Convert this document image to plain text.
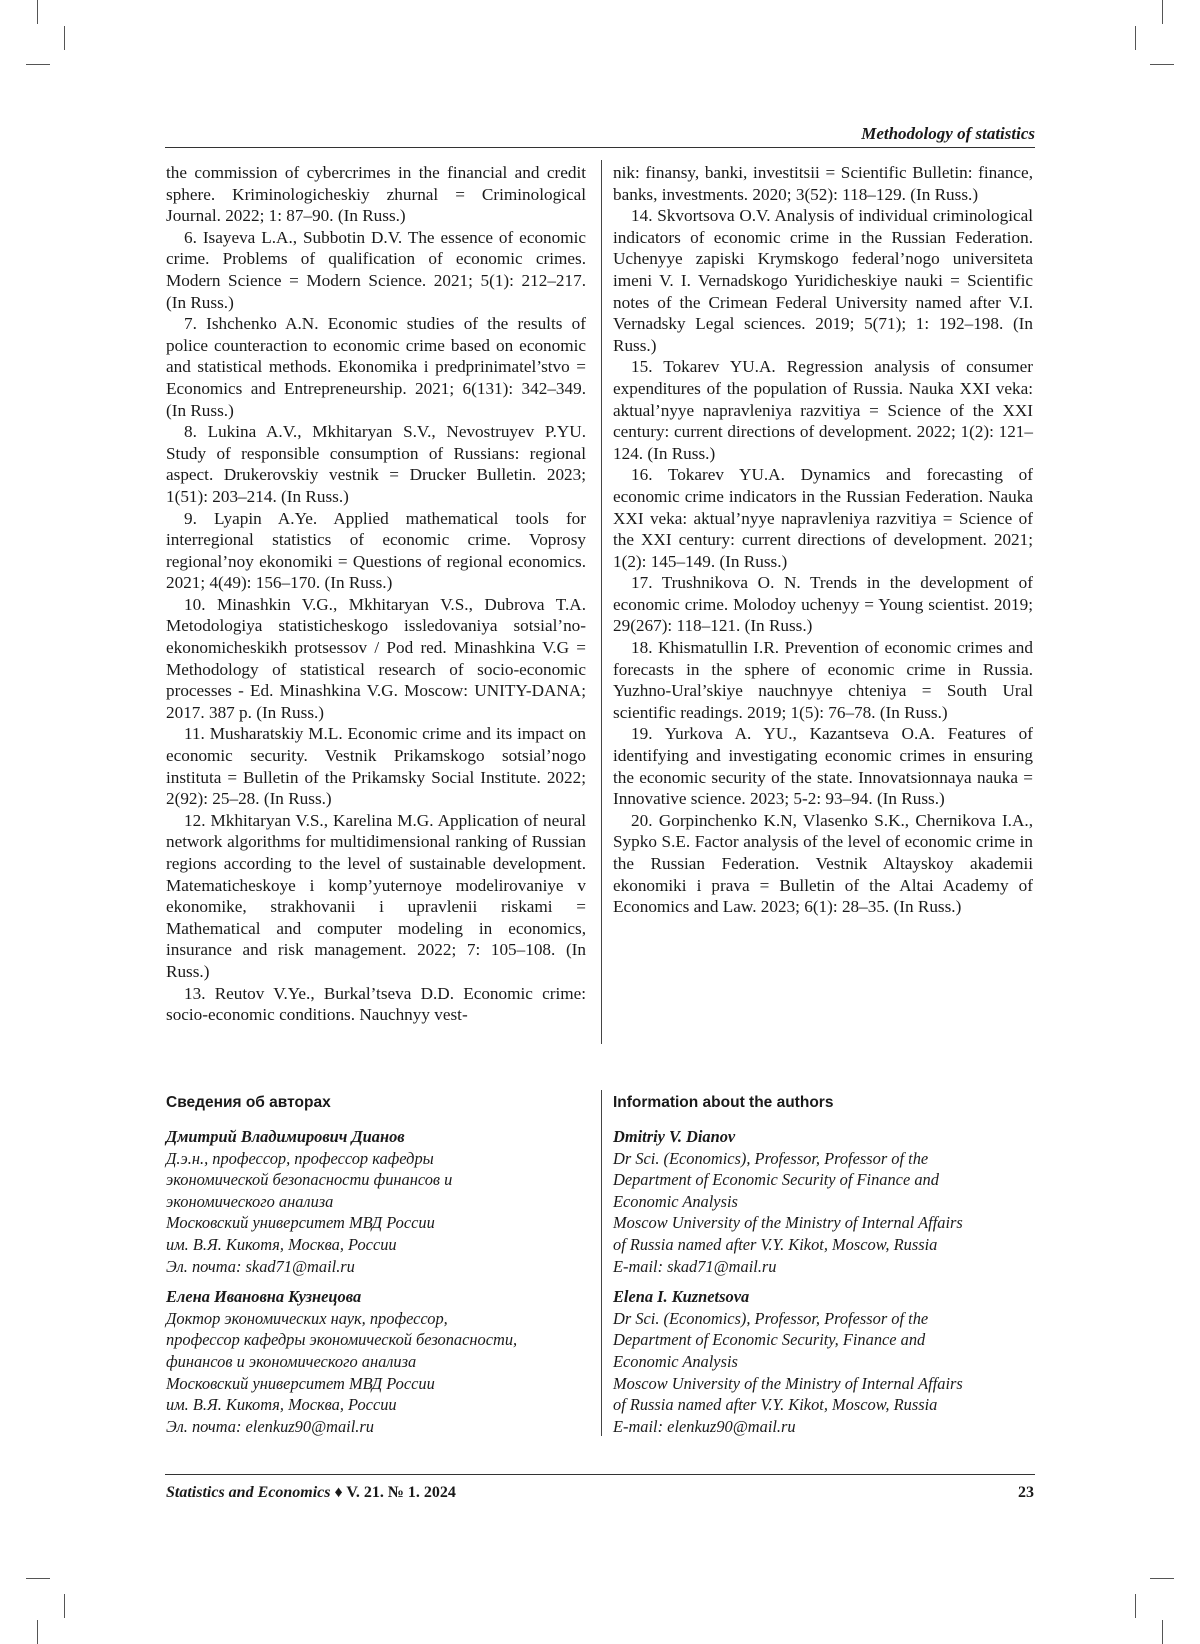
Methodology of statistics

the commission of cybercrimes in the financial and credit sphere. Kriminologicheskiy zhurnal = Criminological Journal. 2022; 1: 87–90. (In Russ.)

6. Isayeva L.A., Subbotin D.V. The essence of economic crime. Problems of qualification of economic crimes. Modern Science = Modern Science. 2021; 5(1): 212–217. (In Russ.)

7. Ishchenko A.N. Economic studies of the results of police counteraction to economic crime based on economic and statistical methods. Ekonomika i predprinimatel’stvo = Economics and Entrepreneurship. 2021; 6(131): 342–349. (In Russ.)

8. Lukina A.V., Mkhitaryan S.V., Nevostruyev P.YU. Study of responsible consumption of Russians: regional aspect. Drukerovskiy vestnik = Drucker Bulletin. 2023; 1(51): 203–214. (In Russ.)

9. Lyapin A.Ye. Applied mathematical tools for interregional statistics of economic crime. Voprosy regional’noy ekonomiki = Questions of regional economics. 2021; 4(49): 156–170. (In Russ.)

10. Minashkin V.G., Mkhitaryan V.S., Dubrova T.A. Metodologiya statisticheskogo issledovaniya sotsial’no-ekonomicheskikh protsessov / Pod red. Minashkina V.G = Methodology of statistical research of socio-economic processes - Ed. Minashkina V.G. Moscow: UNITY-DANA; 2017. 387 p. (In Russ.)

11. Musharatskiy M.L. Economic crime and its impact on economic security. Vestnik Prikamskogo sotsial’nogo instituta = Bulletin of the Prikamsky Social Institute. 2022; 2(92): 25–28. (In Russ.)

12. Mkhitaryan V.S., Karelina M.G. Application of neural network algorithms for multidimensional ranking of Russian regions according to the level of sustainable development. Matematicheskoye i komp’yuternoye modelirovaniye v ekonomike, strakhovanii i upravlenii riskami = Mathematical and computer modeling in economics, insurance and risk management. 2022; 7: 105–108. (In Russ.)

13. Reutov V.Ye., Burkal’tseva D.D. Economic crime: socio-economic conditions. Nauchnyy vest-

nik: finansy, banki, investitsii = Scientific Bulletin: finance, banks, investments. 2020; 3(52): 118–129. (In Russ.)

14. Skvortsova O.V. Analysis of individual criminological indicators of economic crime in the Russian Federation. Uchenyye zapiski Krymskogo federal’nogo universiteta imeni V. I. Vernadskogo Yuridicheskiye nauki = Scientific notes of the Crimean Federal University named after V.I. Vernadsky Legal sciences. 2019; 5(71); 1: 192–198. (In Russ.)

15. Tokarev YU.A. Regression analysis of consumer expenditures of the population of Russia. Nauka XXI veka: aktual’nyye napravleniya razvitiya = Science of the XXI century: current directions of development. 2022; 1(2): 121–124. (In Russ.)

16. Tokarev YU.A. Dynamics and forecasting of economic crime indicators in the Russian Federation. Nauka XXI veka: aktual’nyye napravleniya razvitiya = Science of the XXI century: current directions of development. 2021; 1(2): 145–149. (In Russ.)

17. Trushnikova O. N. Trends in the development of economic crime. Molodoy uchenyy = Young scientist. 2019; 29(267): 118–121. (In Russ.)

18. Khismatullin I.R. Prevention of economic crimes and forecasts in the sphere of economic crime in Russia. Yuzhno-Ural’skiye nauchnyye chteniya = South Ural scientific readings. 2019; 1(5): 76–78. (In Russ.)

19. Yurkova A. YU., Kazantseva O.A. Features of identifying and investigating economic crimes in ensuring the economic security of the state. Innovatsionnaya nauka = Innovative science. 2023; 5-2: 93–94. (In Russ.)

20. Gorpinchenko K.N, Vlasenko S.K., Chernikova I.A., Sypko S.E. Factor analysis of the level of economic crime in the Russian Federation. Vestnik Altayskoy akademii ekonomiki i prava = Bulletin of the Altai Academy of Economics and Law. 2023; 6(1): 28–35. (In Russ.)

Сведения об авторах	Information about the authors
Дмитрий Владимирович Дианов
Д.э.н., профессор, профессор кафедры
экономической безопасности финансов и
экономического анализа
Московский университет МВД России
им. В.Я. Кикотя, Москва, России
Эл. почта: skad71@mail.ru
Елена Ивановна Кузнецова
Доктор экономических наук, профессор,
профессор кафедры экономической безопасности,
финансов и экономического анализа
Московский университет МВД России
им. В.Я. Кикотя, Москва, России
Эл. почта: elenkuz90@mail.ru
Dmitriy V. Dianov
Dr Sci. (Economics), Professor, Professor of the
Department of Economic Security of Finance and
Economic Analysis
Moscow University of the Ministry of Internal Affairs
of Russia named after V.Y. Kikot, Moscow, Russia
E-mail: skad71@mail.ru
Elena I. Kuznetsova
Dr Sci. (Economics), Professor, Professor of the
Department of Economic Security, Finance and
Economic Analysis
Moscow University of the Ministry of Internal Affairs
of Russia named after V.Y. Kikot, Moscow, Russia
E-mail: elenkuz90@mail.ru
Statistics and Economics ♦ V. 21. № 1. 2024	23
